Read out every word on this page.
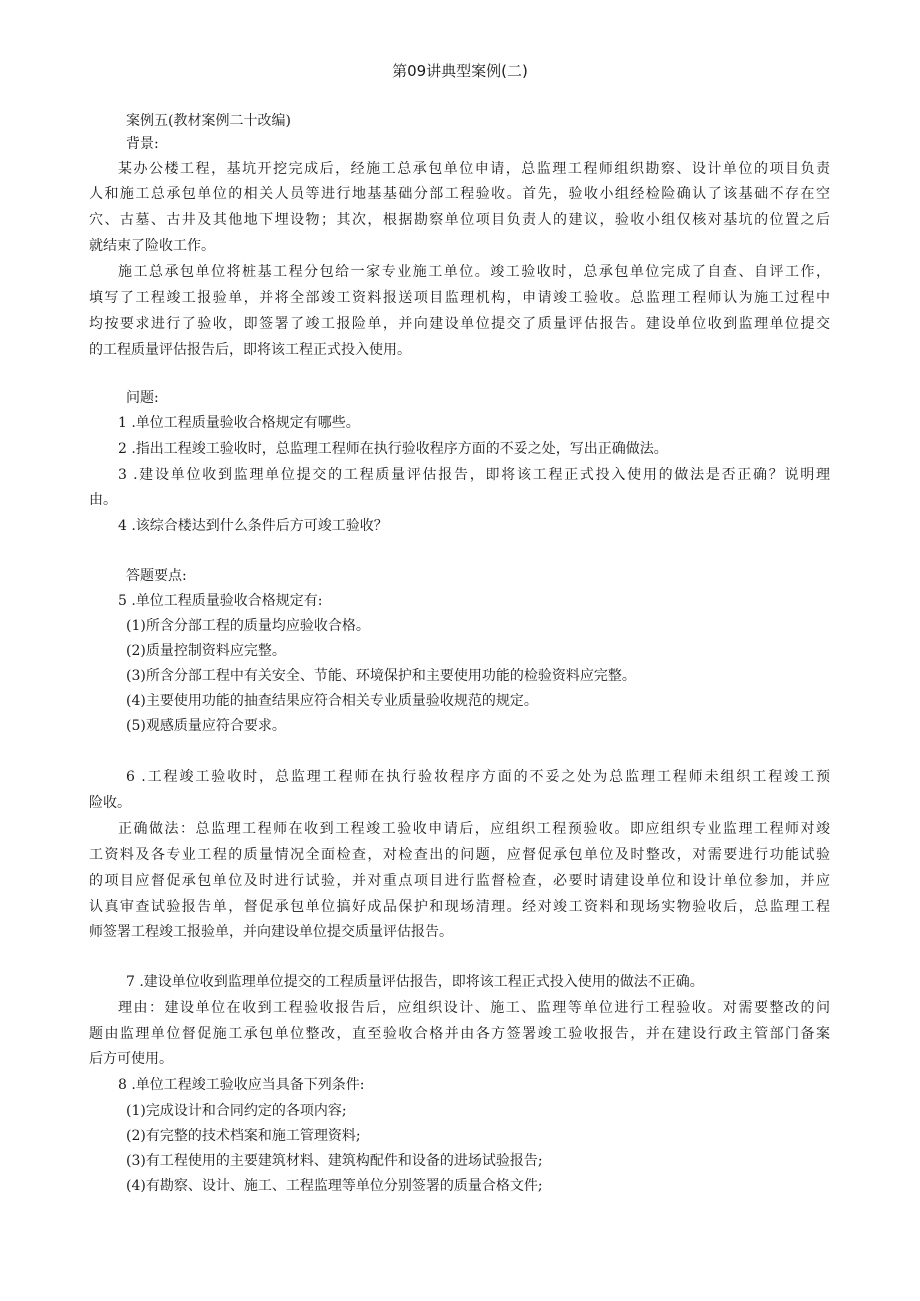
第09讲典型案例(二)
案例五(教材案例二十改编)
背景:
某办公楼工程，基坑开挖完成后，经施工总承包单位申请，总监理工程师组织勘察、设计单位的项目负责
人和施工总承包单位的相关人员等进行地基基础分部工程验收。首先，验收小组经检险确认了该基础不存在空
穴、古墓、古井及其他地下埋设物；其次，根据勘察单位项目负责人的建议，验收小组仅核对基坑的位置之后
就结束了险收工作。
施工总承包单位将桩基工程分包给一家专业施工单位。竣工验收时，总承包单位完成了自查、自评工作，
填写了工程竣工报验单，并将全部竣工资料报送项目监理机构，申请竣工验收。总监理工程师认为施工过程中
均按要求进行了验收，即签署了竣工报险单，并向建设单位提交了质量评估报告。建设单位收到监理单位提交
的工程质量评估报告后，即将该工程正式投入使用。
问题:
1 .单位工程质量验收合格规定有哪些。
2 .指出工程竣工验收时，总监理工程师在执行验收程序方面的不妥之处，写出正确做法。
3 .建设单位收到监理单位提交的工程质量评估报告，即将该工程正式投入使用的做法是否正确？说明理
由。
4 .该综合楼达到什么条件后方可竣工验收？
答题要点:
5 .单位工程质量验收合格规定有:
(1)所含分部工程的质量均应验收合格。
(2)质量控制资料应完整。
(3)所含分部工程中有关安全、节能、环境保护和主要使用功能的检验资料应完整。
(4)主要使用功能的抽查结果应符合相关专业质量验收规范的规定。
(5)观感质量应符合要求。
6 .工程竣工验收时，总监理工程师在执行验妆程序方面的不妥之处为总监理工程师未组织工程竣工预
险收。
正确做法：总监理工程师在收到工程竣工验收申请后，应组织工程预验收。即应组织专业监理工程师对竣
工资料及各专业工程的质量情况全面检查，对检查出的问题，应督促承包单位及时整改，对需要进行功能试验
的项目应督促承包单位及时进行试验，并对重点项目进行监督检查，必要时请建设单位和设计单位参加，并应
认真审查试验报告单，督促承包单位搞好成品保护和现场清理。经对竣工资料和现场实物验收后，总监理工程
师签署工程竣工报验单，并向建设单位提交质量评估报告。
7 .建设单位收到监理单位提交的工程质量评估报告，即将该工程正式投入使用的做法不正确。
理由：建设单位在收到工程验收报告后，应组织设计、施工、监理等单位进行工程验收。对需要整改的问
题由监理单位督促施工承包单位整改，直至验收合格并由各方签署竣工验收报告，并在建设行政主管部门备案
后方可使用。
8 .单位工程竣工验收应当具备下列条件:
(1)完成设计和合同约定的各项内容;
(2)有完整的技术档案和施工管理资料;
(3)有工程使用的主要建筑材料、建筑构配件和设备的进场试验报告;
(4)有勘察、设计、施工、工程监理等单位分别签署的质量合格文件;
